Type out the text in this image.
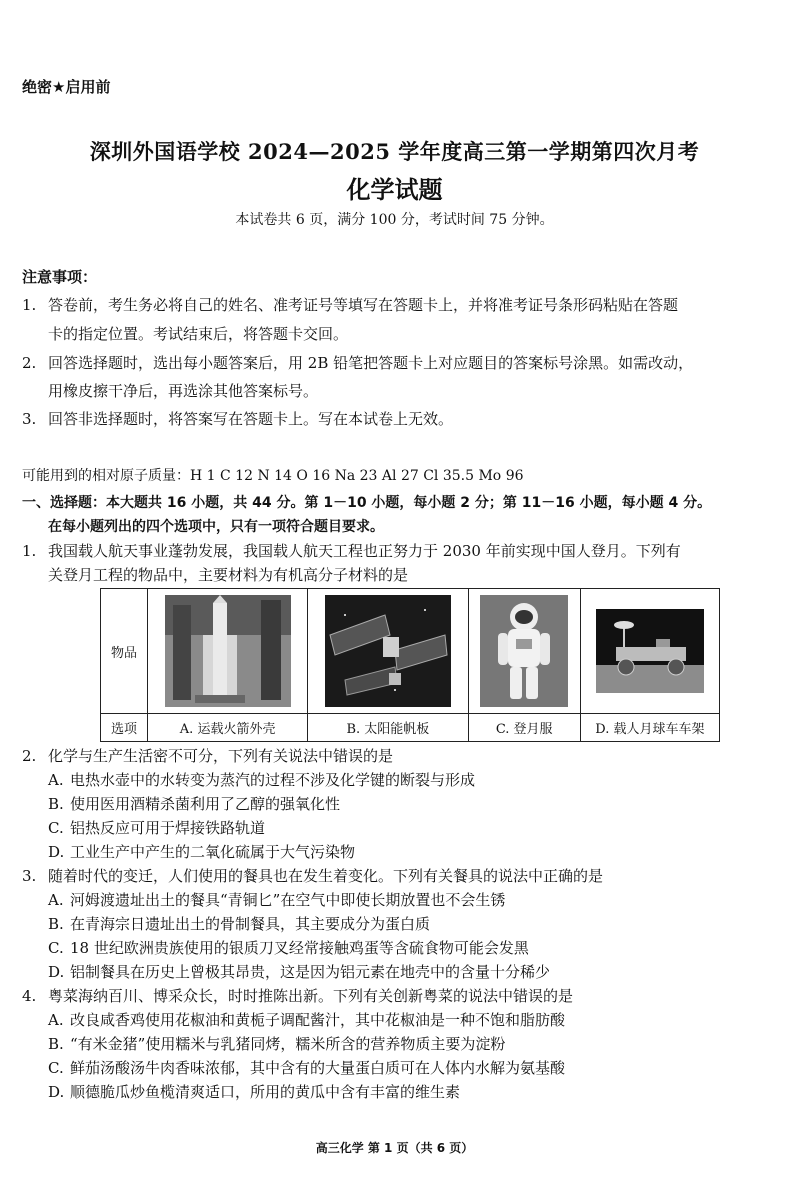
绝密★启用前
深圳外国语学校 2024—2025 学年度高三第一学期第四次月考
化学试题
本试卷共 6 页，满分 100 分，考试时间 75 分钟。
注意事项：
1. 答卷前，考生务必将自己的姓名、准考证号等填写在答题卡上，并将准考证号条形码粘贴在答题
卡的指定位置。考试结束后，将答题卡交回。
2. 回答选择题时，选出每小题答案后，用 2B 铅笔把答题卡上对应题目的答案标号涂黑。如需改动，
用橡皮擦干净后，再选涂其他答案标号。
3. 回答非选择题时，将答案写在答题卡上。写在本试卷上无效。
可能用到的相对原子质量：H 1 C 12 N 14 O 16 Na 23 Al 27 Cl 35.5 Mo 96
一、选择题：本大题共 16 小题，共 44 分。第 1－10 小题，每小题 2 分；第 11－16 小题，每小题 4 分。
在每小题列出的四个选项中，只有一项符合题目要求。
1. 我国载人航天事业蓬勃发展，我国载人航天工程也正努力于 2030 年前实现中国人登月。下列有
关登月工程的物品中，主要材料为有机高分子材料的是
物品	

选项	A. 运载火箭外壳	B. 太阳能帆板	C. 登月服	D. 载人月球车车架
2. 化学与生产生活密不可分，下列有关说法中错误的是
A. 电热水壶中的水转变为蒸汽的过程不涉及化学键的断裂与形成
B. 使用医用酒精杀菌利用了乙醇的强氧化性
C. 铝热反应可用于焊接铁路轨道
D. 工业生产中产生的二氧化硫属于大气污染物
3. 随着时代的变迁，人们使用的餐具也在发生着变化。下列有关餐具的说法中正确的是
A. 河姆渡遗址出土的餐具“青铜匕”在空气中即使长期放置也不会生锈
B. 在青海宗日遗址出土的骨制餐具，其主要成分为蛋白质
C. 18 世纪欧洲贵族使用的银质刀叉经常接触鸡蛋等含硫食物可能会发黑
D. 铝制餐具在历史上曾极其昂贵，这是因为铝元素在地壳中的含量十分稀少
4. 粤菜海纳百川、博采众长，时时推陈出新。下列有关创新粤菜的说法中错误的是
A. 改良咸香鸡使用花椒油和黄栀子调配酱汁，其中花椒油是一种不饱和脂肪酸
B. “有米金猪”使用糯米与乳猪同烤，糯米所含的营养物质主要为淀粉
C. 鲜茄汤酸汤牛肉香味浓郁，其中含有的大量蛋白质可在人体内水解为氨基酸
D. 顺德脆瓜炒鱼榄清爽适口，所用的黄瓜中含有丰富的维生素
高三化学 第 1 页（共 6 页）
